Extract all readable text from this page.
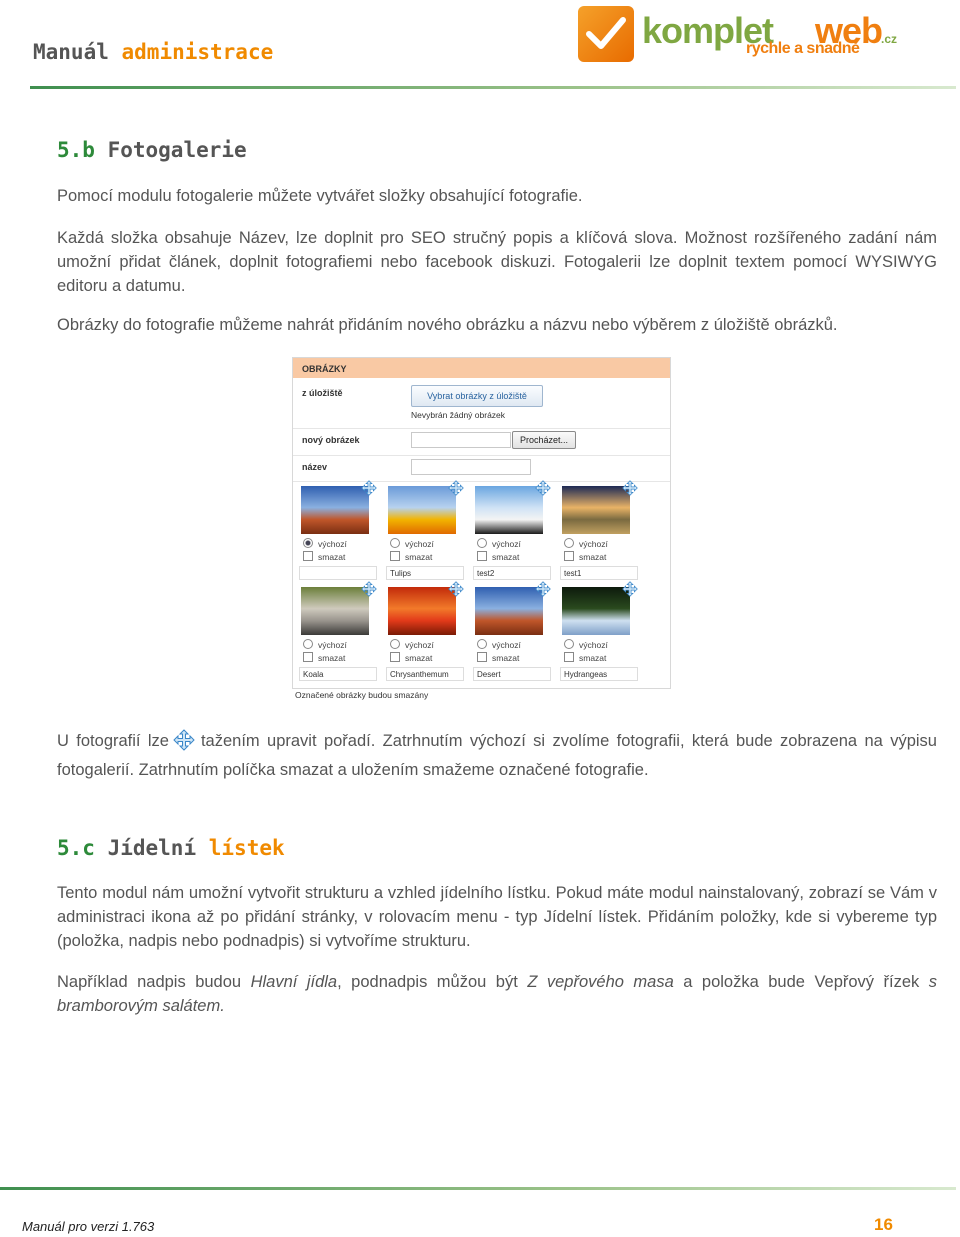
Manuál administrace
komplet web
.cz
rychle a snadně
5.b Fotogalerie

Pomocí modulu fotogalerie můžete vytvářet složky obsahující fotografie.

Každá složka obsahuje Název, lze doplnit pro SEO stručný popis a klíčová slova. Možnost rozšířeného zadání nám umožní přidat článek, doplnit fotografiemi nebo facebook diskuzi. Fotogalerii lze doplnit textem pomocí WYSIWYG editoru a datumu.

Obrázky do fotografie můžeme nahrát přidáním nového obrázku a názvu nebo výběrem z úložiště obrázků.

OBRÁZKY
z úložiště	Vybrat obrázky z úložiště
Nevybrán žádný obrázek
nový obrázek	Procházet...
název
výchozí
smazat
výchozí
smazat
Tulips
výchozí
smazat
test2
výchozí
smazat
test1
výchozí
smazat
Koala
výchozí
smazat
Chrysanthemum
výchozí
smazat
Desert
výchozí
smazat
Hydrangeas
Označené obrázky budou smazány

U fotografií lze tažením upravit pořadí. Zatrhnutím výchozí si zvolíme fotografii, která bude zobrazena na výpisu fotogalerií. Zatrhnutím políčka smazat a uložením smažeme označené fotografie.

5.c Jídelní lístek

Tento modul nám umožní vytvořit strukturu a vzhled jídelního lístku. Pokud máte modul nainstalovaný, zobrazí se Vám v administraci ikona až po přidání stránky, v rolovacím menu - typ Jídelní lístek. Přidáním položky, kde si vybereme typ (položka, nadpis nebo podnadpis) si vytvoříme strukturu.

Například nadpis budou Hlavní jídla, podnadpis můžou být Z vepřového masa a položka bude Vepřový řízek s bramborovým salátem.

Manuál pro verzi 1.763	16
